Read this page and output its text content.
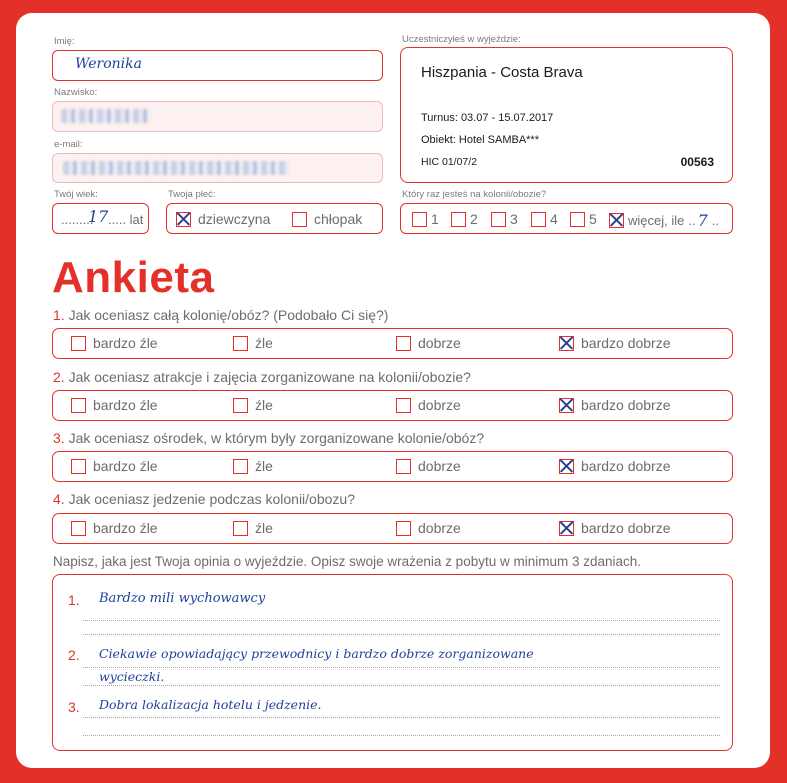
Imię:
Weronika
Nazwisko:
e-mail:
Twój wiek:
.........
17 ..... lat
Twoja płeć:
dziewczyna	chłopak
Uczestniczyłeś w wyjeździe:
Hiszpania - Costa Brava
Turnus: 03.07 - 15.07.2017
Obiekt: Hotel SAMBA***
HIC 01/07/2	00563
Który raz jesteś na kolonii/obozie?
1 2 3 4 5 więcej, ile .. 7 ..
Ankieta
1. Jak oceniasz całą kolonię/obóz? (Podobało Ci się?)
bardzo źle	źle	dobrze	bardzo dobrze
2. Jak oceniasz atrakcje i zajęcia zorganizowane na kolonii/obozie?
bardzo źle	źle	dobrze	bardzo dobrze
3. Jak oceniasz ośrodek, w którym były zorganizowane kolonie/obóz?
bardzo źle	źle	dobrze	bardzo dobrze
4. Jak oceniasz jedzenie podczas kolonii/obozu?
bardzo źle	źle	dobrze	bardzo dobrze
Napisz, jaka jest Twoja opinia o wyjeździe. Opisz swoje wrażenia z pobytu w minimum 3 zdaniach.
1. Bardzo mili wychowawcy
2. Ciekawie opowiadający przewodnicy i bardzo dobrze zorganizowane
wycieczki.
3. Dobra lokalizacja hotelu i jedzenie.
